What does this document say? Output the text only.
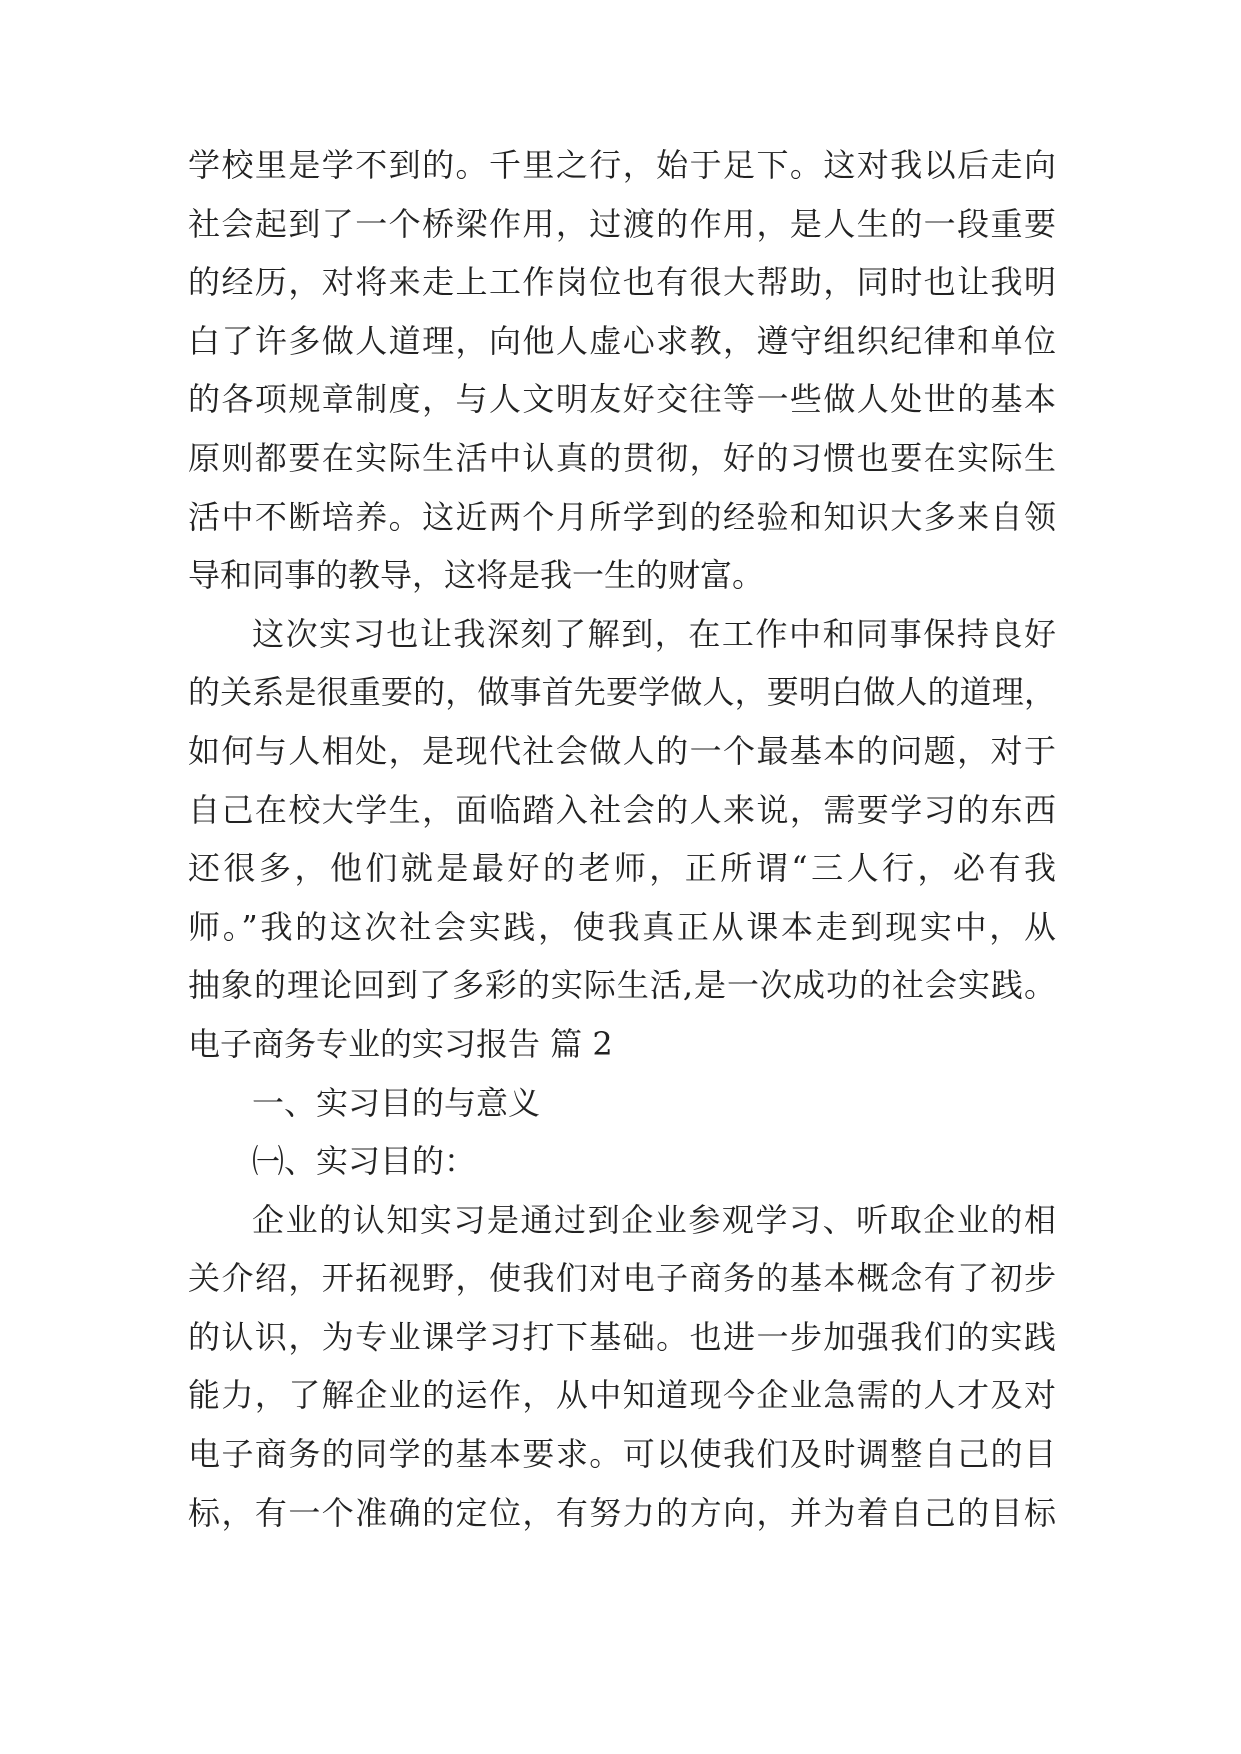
学校里是学不到的。千里之行，始于足下。这对我以后走向
社会起到了一个桥梁作用，过渡的作用，是人生的一段重要
的经历，对将来走上工作岗位也有很大帮助，同时也让我明
白了许多做人道理，向他人虚心求教，遵守组织纪律和单位
的各项规章制度，与人文明友好交往等一些做人处世的基本
原则都要在实际生活中认真的贯彻，好的习惯也要在实际生
活中不断培养。这近两个月所学到的经验和知识大多来自领
导和同事的教导，这将是我一生的财富。
这次实习也让我深刻了解到，在工作中和同事保持良好
的关系是很重要的，做事首先要学做人，要明白做人的道理，
如何与人相处，是现代社会做人的一个最基本的问题，对于
自己在校大学生，面临踏入社会的人来说，需要学习的东西
还很多，他们就是最好的老师，正所谓“三人行，必有我
师。”我的这次社会实践，使我真正从课本走到现实中，从
抽象的理论回到了多彩的实际生活,是一次成功的社会实践。
电子商务专业的实习报告 篇 2
一、实习目的与意义
㈠、实习目的：
企业的认知实习是通过到企业参观学习、听取企业的相
关介绍，开拓视野，使我们对电子商务的基本概念有了初步
的认识，为专业课学习打下基础。也进一步加强我们的实践
能力，了解企业的运作，从中知道现今企业急需的人才及对
电子商务的同学的基本要求。可以使我们及时调整自己的目
标，有一个准确的定位，有努力的方向，并为着自己的目标
